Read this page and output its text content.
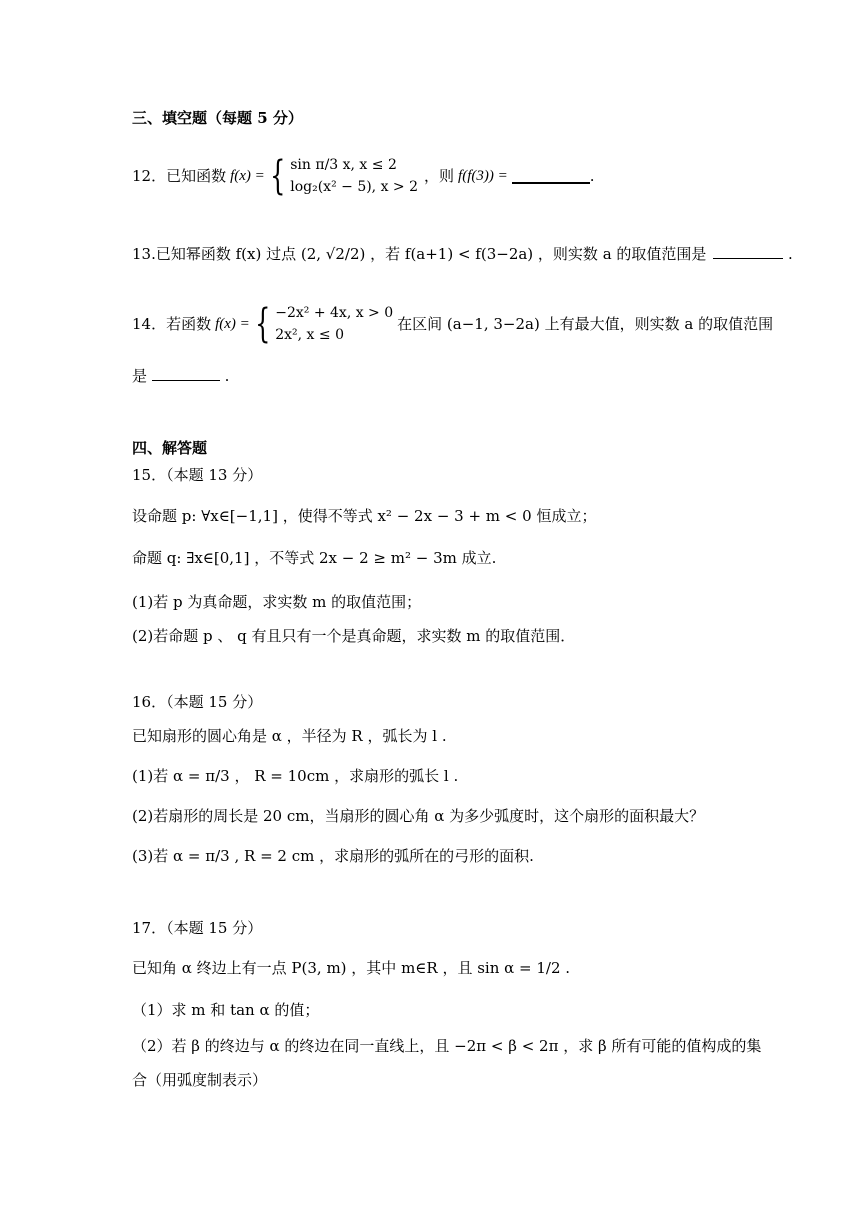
三、填空题（每题 5 分）
12．已知函数 f(x) = { sin π/3 x, x ≤ 2
log₂(x² − 5), x > 2
，则 f(f(3)) =	.
13.已知幂函数 f(x) 过点 (2, √2/2) ，若 f(a+1) < f(3−2a) ，则实数 a 的取值范围是	.
14．若函数 f(x) = { −2x² + 4x, x > 0
2x², x ≤ 0
在区间 (a−1, 3−2a) 上有最大值，则实数 a 的取值范围
是	.
四、解答题
15．（本题 13 分）
设命题 p: ∀x∈[−1,1] ，使得不等式 x² − 2x − 3 + m < 0 恒成立；
命题 q: ∃x∈[0,1] ，不等式 2x − 2 ≥ m² − 3m 成立.
(1)若 p 为真命题，求实数 m 的取值范围；
(2)若命题 p 、 q 有且只有一个是真命题，求实数 m 的取值范围．
16．（本题 15 分）
已知扇形的圆心角是 α ，半径为 R ，弧长为 l .
(1)若 α = π/3 ， R = 10cm ，求扇形的弧长 l .
(2)若扇形的周长是 20 cm，当扇形的圆心角 α 为多少弧度时，这个扇形的面积最大？
(3)若 α = π/3 , R = 2 cm ，求扇形的弧所在的弓形的面积.
17．（本题 15 分）
已知角 α 终边上有一点 P(3, m) ，其中 m∈R ，且 sin α = 1/2 .
（1）求 m 和 tan α 的值；
（2）若 β 的终边与 α 的终边在同一直线上，且 −2π < β < 2π ，求 β 所有可能的值构成的集
合（用弧度制表示）
